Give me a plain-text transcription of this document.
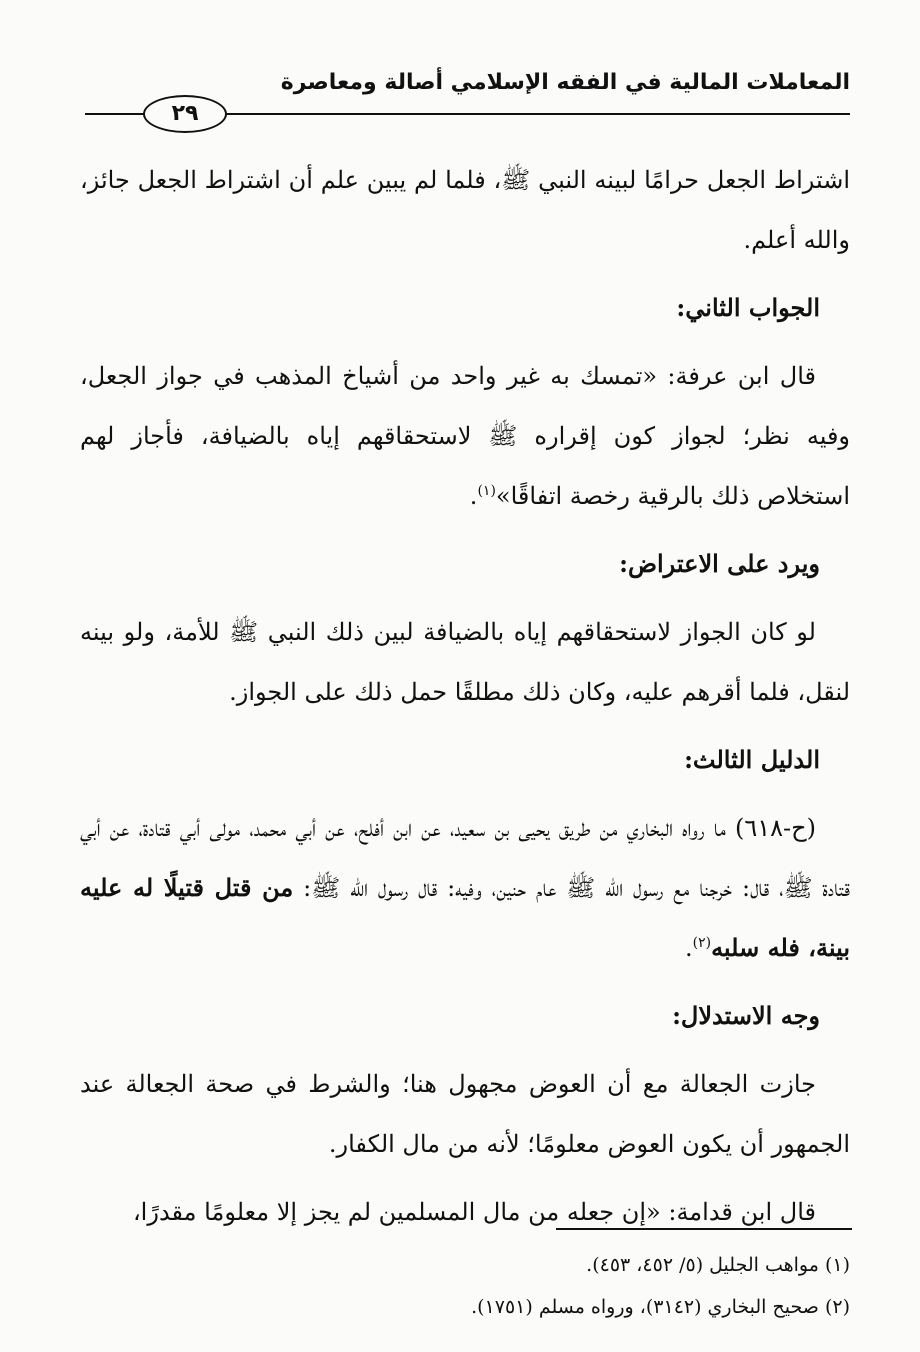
المعاملات المالية في الفقه الإسلامي أصالة ومعاصرة
٢٩

اشتراط الجعل حرامًا لبينه النبي ﷺ، فلما لم يبين علم أن اشتراط الجعل جائز، والله أعلم.

الجواب الثاني:

قال ابن عرفة: «تمسك به غير واحد من أشياخ المذهب في جواز الجعل، وفيه نظر؛ لجواز كون إقراره ﷺ لاستحقاقهم إياه بالضيافة، فأجاز لهم استخلاص ذلك بالرقية رخصة اتفاقًا»$^{(١)}$.

ويرد على الاعتراض:

لو كان الجواز لاستحقاقهم إياه بالضيافة لبين ذلك النبي ﷺ للأمة، ولو بينه لنقل، فلما أقرهم عليه، وكان ذلك مطلقًا حمل ذلك على الجواز.

الدليل الثالث:

(ح-٦١٨) ما رواه البخاري من طريق يحيى بن سعيد، عن ابن أفلح، عن أبي محمد، مولى أبي قتادة، عن أبي قتادة ﷺ، قال: خرجنا مع رسول الله ﷺ عام حنين، وفيه: قال رسول الله ﷺ: من قتل قتيلًا له عليه بينة، فله سلبه$^{(٢)}$.

وجه الاستدلال:

جازت الجعالة مع أن العوض مجهول هنا؛ والشرط في صحة الجعالة عند الجمهور أن يكون العوض معلومًا؛ لأنه من مال الكفار.

قال ابن قدامة: «إن جعله من مال المسلمين لم يجز إلا معلومًا مقدرًا،

(١) مواهب الجليل (٥/ ٤٥٢، ٤٥٣).
(٢) صحيح البخاري (٣١٤٢)، ورواه مسلم (١٧٥١).
